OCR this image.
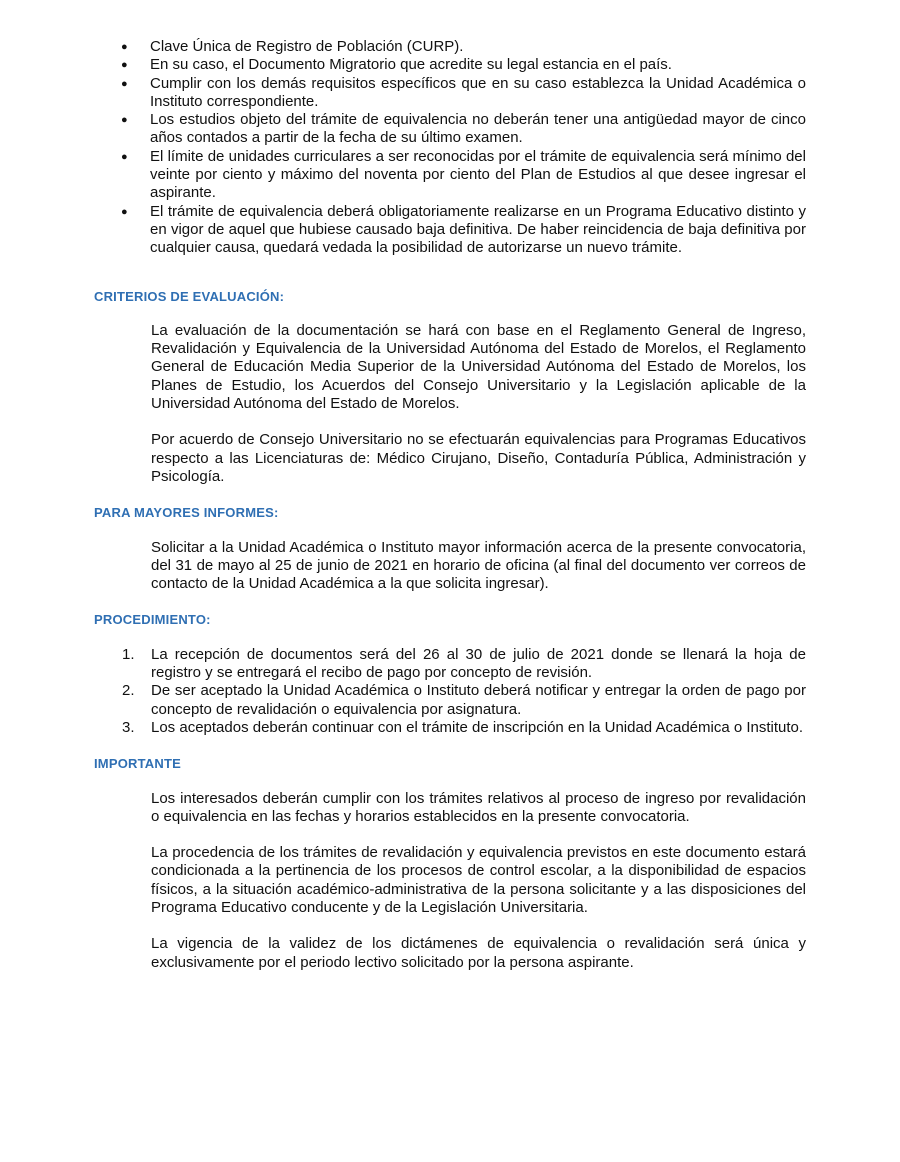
● Clave Única de Registro de Población (CURP).
● En su caso, el Documento Migratorio que acredite su legal estancia en el país.
● Cumplir con los demás requisitos específicos que en su caso establezca la Unidad Académica o Instituto correspondiente.
● Los estudios objeto del trámite de equivalencia no deberán tener una antigüedad mayor de cinco años contados a partir de la fecha de su último examen.
● El límite de unidades curriculares a ser reconocidas por el trámite de equivalencia será mínimo del veinte por ciento y máximo del noventa por ciento del Plan de Estudios al que desee ingresar el aspirante.
● El trámite de equivalencia deberá obligatoriamente realizarse en un Programa Educativo distinto y en vigor de aquel que hubiese causado baja definitiva. De haber reincidencia de baja definitiva por cualquier causa, quedará vedada la posibilidad de autorizarse un nuevo trámite.
CRITERIOS DE EVALUACIÓN:

La evaluación de la documentación se hará con base en el Reglamento General de Ingreso, Revalidación y Equivalencia de la Universidad Autónoma del Estado de Morelos, el Reglamento General de Educación Media Superior de la Universidad Autónoma del Estado de Morelos, los Planes de Estudio, los Acuerdos del Consejo Universitario y la Legislación aplicable de la Universidad Autónoma del Estado de Morelos.

Por acuerdo de Consejo Universitario no se efectuarán equivalencias para Programas Educativos respecto a las Licenciaturas de: Médico Cirujano, Diseño, Contaduría Pública, Administración y Psicología.

PARA MAYORES INFORMES:

Solicitar a la Unidad Académica o Instituto mayor información acerca de la presente convocatoria, del 31 de mayo al 25 de junio de 2021 en horario de oficina (al final del documento ver correos de contacto de la Unidad Académica a la que solicita ingresar).

PROCEDIMIENTO:
1. La recepción de documentos será del 26 al 30 de julio de 2021 donde se llenará la hoja de registro y se entregará el recibo de pago por concepto de revisión.
2. De ser aceptado la Unidad Académica o Instituto deberá notificar y entregar la orden de pago por concepto de revalidación o equivalencia por asignatura.
3. Los aceptados deberán continuar con el trámite de inscripción en la Unidad Académica o Instituto.
IMPORTANTE

Los interesados deberán cumplir con los trámites relativos al proceso de ingreso por revalidación o equivalencia en las fechas y horarios establecidos en la presente convocatoria.

La procedencia de los trámites de revalidación y equivalencia previstos en este documento estará condicionada a la pertinencia de los procesos de control escolar, a la disponibilidad de espacios físicos, a la situación académico-administrativa de la persona solicitante y a las disposiciones del Programa Educativo conducente y de la Legislación Universitaria.

La vigencia de la validez de los dictámenes de equivalencia o revalidación será única y exclusivamente por el periodo lectivo solicitado por la persona aspirante.
